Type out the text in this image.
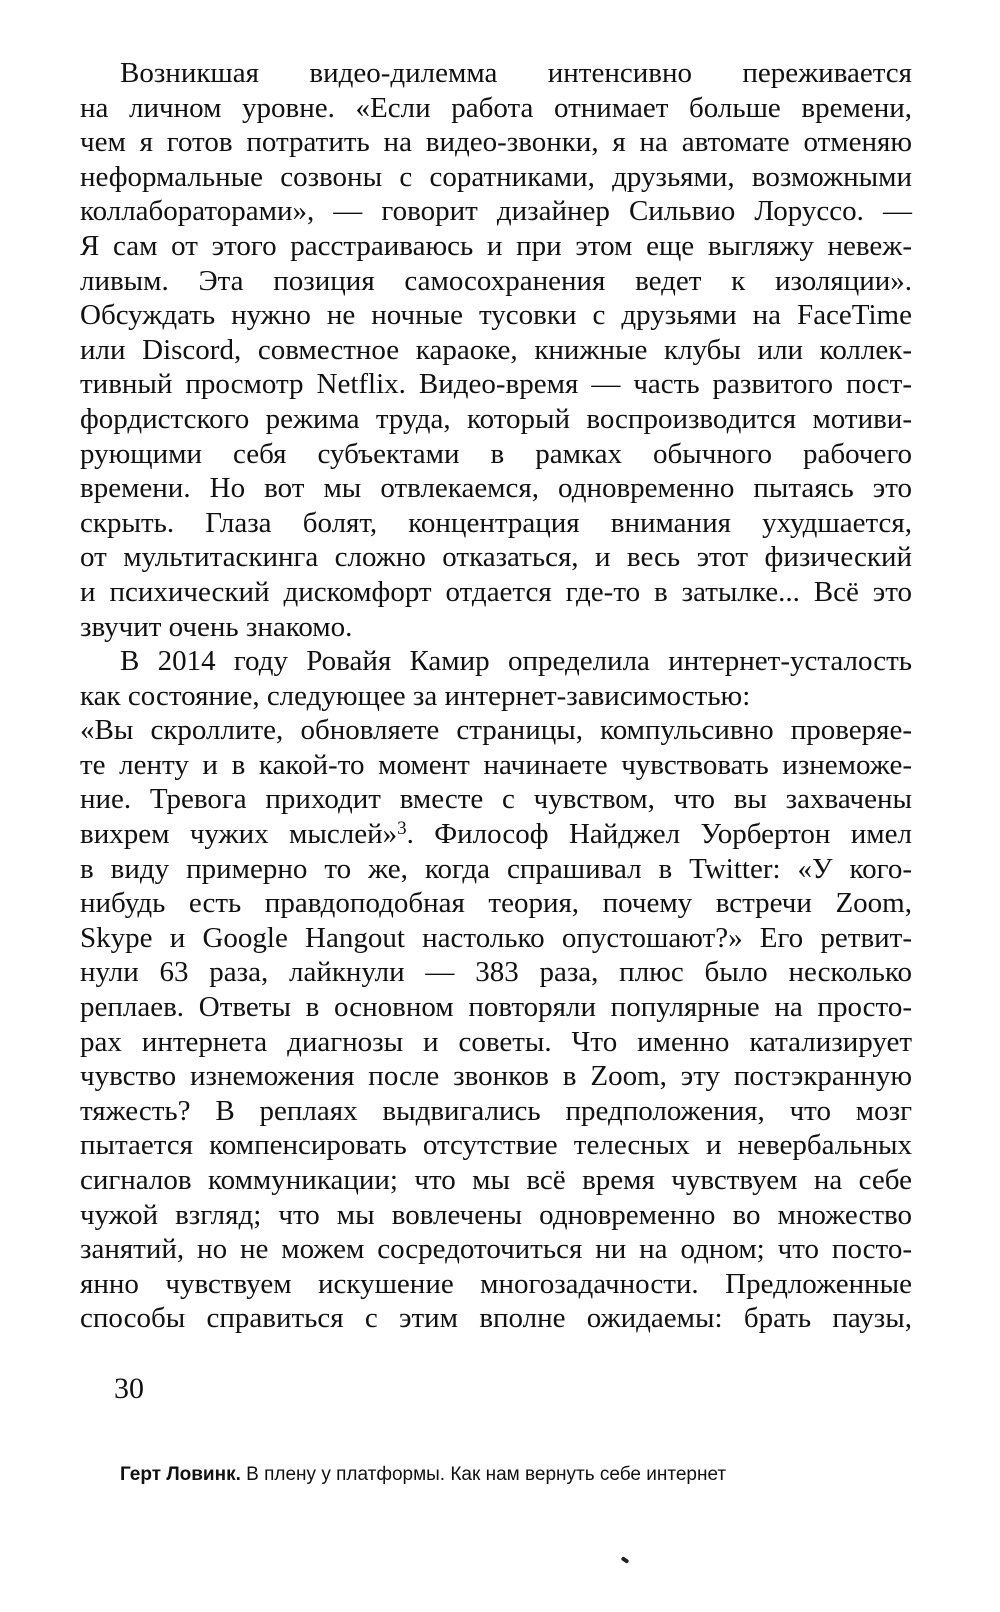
Возникшая видео-дилемма интенсивно переживается
на личном уровне. «Если работа отнимает больше времени,
чем я готов потратить на видео-звонки, я на автомате отменяю
неформальные созвоны с соратниками, друзьями, возможными
коллабораторами», — говорит дизайнер Сильвио Лоруссо. —
Я сам от этого расстраиваюсь и при этом еще выгляжу невеж-
ливым. Эта позиция самосохранения ведет к изоляции».
Обсуждать нужно не ночные тусовки с друзьями на FaceTime
или Discord, совместное караоке, книжные клубы или коллек-
тивный просмотр Netflix. Видео-время — часть развитого пост-
фордистского режима труда, который воспроизводится мотиви-
рующими себя субъектами в рамках обычного рабочего
времени. Но вот мы отвлекаемся, одновременно пытаясь это
скрыть. Глаза болят, концентрация внимания ухудшается,
от мультитаскинга сложно отказаться, и весь этот физический
и психический дискомфорт отдается где-то в затылке... Всё это
звучит очень знакомо.
В 2014 году Ровайя Камир определила интернет-усталость
как состояние, следующее за интернет-зависимостью:
«Вы скроллите, обновляете страницы, компульсивно проверяе-
те ленту и в какой-то момент начинаете чувствовать изнеможе-
ние. Тревога приходит вместе с чувством, что вы захвачены
вихрем чужих мыслей»$^3$. Философ Найджел Уорбертон имел
в виду примерно то же, когда спрашивал в Twitter: «У кого-
нибудь есть правдоподобная теория, почему встречи Zoom,
Skype и Google Hangout настолько опустошают?» Его ретвит-
нули 63 раза, лайкнули — 383 раза, плюс было несколько
реплаев. Ответы в основном повторяли популярные на просто-
рах интернета диагнозы и советы. Что именно катализирует
чувство изнеможения после звонков в Zoom, эту постэкранную
тяжесть? В реплаях выдвигались предположения, что мозг
пытается компенсировать отсутствие телесных и невербальных
сигналов коммуникации; что мы всё время чувствуем на себе
чужой взгляд; что мы вовлечены одновременно во множество
занятий, но не можем сосредоточиться ни на одном; что посто-
янно чувствуем искушение многозадачности. Предложенные
способы справиться с этим вполне ожидаемы: брать паузы,
30
Герт Ловинк. В плену у платформы. Как нам вернуть себе интернет
